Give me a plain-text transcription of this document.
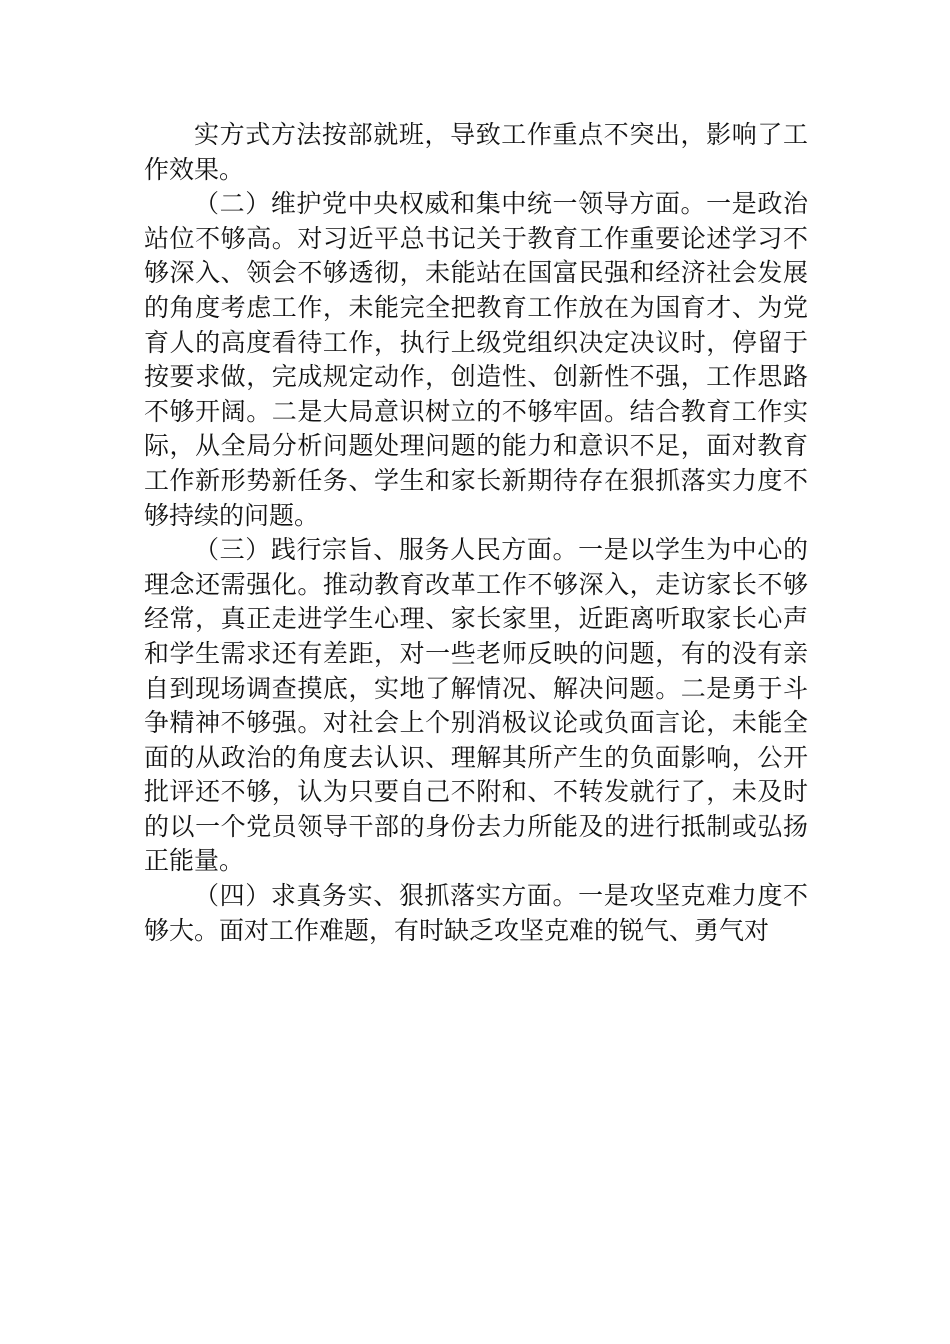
实方式方法按部就班，导致工作重点不突出，影响了工作效果。

（二）维护党中央权威和集中统一领导方面。一是政治站位不够高。对习近平总书记关于教育工作重要论述学习不够深入、领会不够透彻，未能站在国富民强和经济社会发展的角度考虑工作，未能完全把教育工作放在为国育才、为党育人的高度看待工作，执行上级党组织决定决议时，停留于按要求做，完成规定动作，创造性、创新性不强，工作思路不够开阔。二是大局意识树立的不够牢固。结合教育工作实际，从全局分析问题处理问题的能力和意识不足，面对教育工作新形势新任务、学生和家长新期待存在狠抓落实力度不够持续的问题。

（三）践行宗旨、服务人民方面。一是以学生为中心的理念还需强化。推动教育改革工作不够深入，走访家长不够经常，真正走进学生心理、家长家里，近距离听取家长心声和学生需求还有差距，对一些老师反映的问题，有的没有亲自到现场调查摸底，实地了解情况、解决问题。二是勇于斗争精神不够强。对社会上个别消极议论或负面言论，未能全面的从政治的角度去认识、理解其所产生的负面影响，公开批评还不够，认为只要自己不附和、不转发就行了，未及时的以一个党员领导干部的身份去力所能及的进行抵制或弘扬正能量。

（四）求真务实、狠抓落实方面。一是攻坚克难力度不够大。面对工作难题，有时缺乏攻坚克难的锐气、勇气对
